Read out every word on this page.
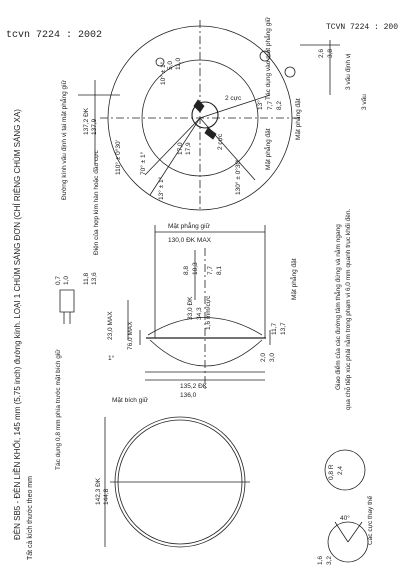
tcvn 7224 : 2002
TCVN 7224 : 200
ĐÈN SB5 - ĐÈN LIỀN KHỐI, 145 mm (5,75 inch) đường kính. LOẠI 1 CHÙM SÁNG ĐƠN (CHỈ RIÊNG CHÙM SÁNG XA) Tất cả kích thước theo mm
Tác dụng vào mặt phẳng giữ	2,6 3,8
3 vấu định vị
3 vấu
10° ± 1° 5,0 11,0
Đường kính vấu định vị tại mặt phẳng giữ 137,2 ĐK 137,9
110° ± 0°30'
2 cực
2 cực
17,0 17,9
13°
13° ± 1°
70° ± 1°	130° ± 0°30'
7,7 8,2
Mặt phẳng đặt
Mặt phẳng đặt
Mặt phẳng giữ
130,0 ĐK MAX
Điện của hợp kim hàn hoặc đầu cực
0,7 1,0 11,8 13,6
8,8 10,3 7,7 8,1
33,0 ĐK 34,3 1,6 mm/cực
23,0 MAX 76,0 MAX
1°
11,7 13,7
2,0 3,0
Mặt phẳng đặt
Tác dụng 0,8 mm phía trước mặt bích giữ	135,2 ĐK
136,0
Mặt bích giữ
Giao điểm của các đường tâm thẳng đứng và nằm ngang qua chỗ tiếp xúc phải nằm trong phạm vi 6,0 mm quanh trục khối đèn.
142,3 ĐK 144,8
0,8 R 2,4
Các cực thay thế
40°
1,6 3,2
